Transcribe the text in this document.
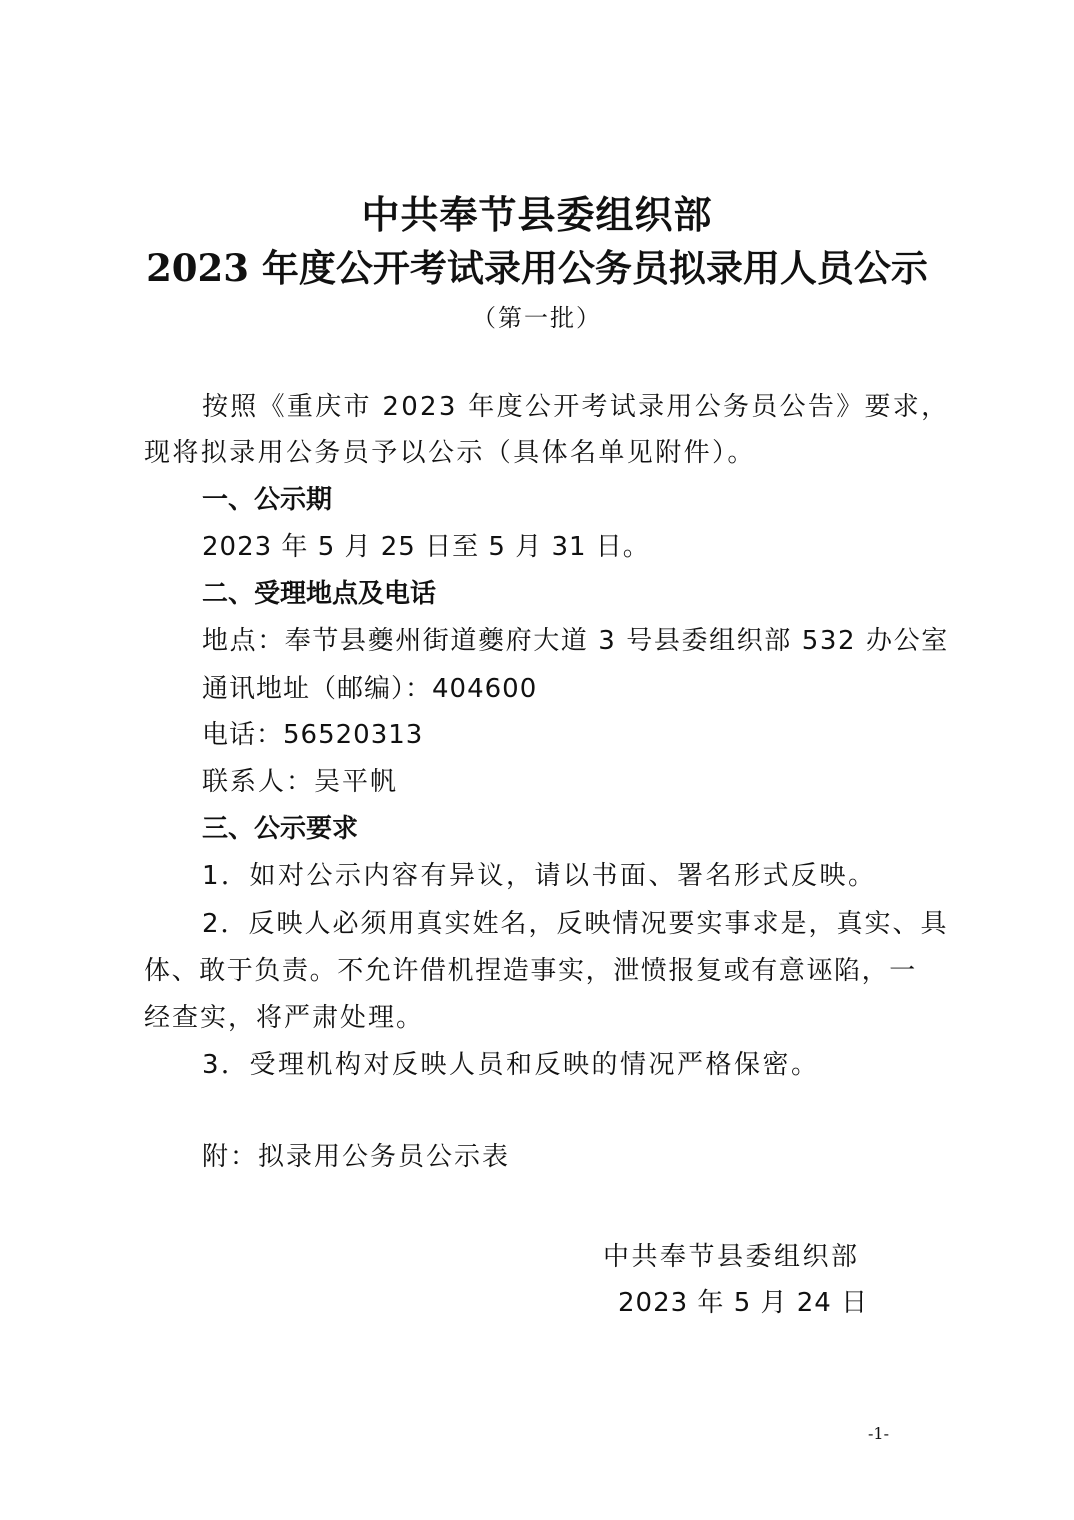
中共奉节县委组织部
2023 年度公开考试录用公务员拟录用人员公示
（第一批）
按照《重庆市 2023 年度公开考试录用公务员公告》要求，
现将拟录用公务员予以公示（具体名单见附件）。
一、公示期
2023 年 5 月 25 日至 5 月 31 日。
二、受理地点及电话
地点：奉节县夔州街道夔府大道 3 号县委组织部 532 办公室
通讯地址（邮编）：404600
电话：56520313
联系人：吴平帆
三、公示要求
1．如对公示内容有异议，请以书面、署名形式反映。
2．反映人必须用真实姓名，反映情况要实事求是，真实、具
体、敢于负责。不允许借机捏造事实，泄愤报复或有意诬陷，一
经查实，将严肃处理。
3．受理机构对反映人员和反映的情况严格保密。
附：拟录用公务员公示表
中共奉节县委组织部
2023 年 5 月 24 日
-1-
